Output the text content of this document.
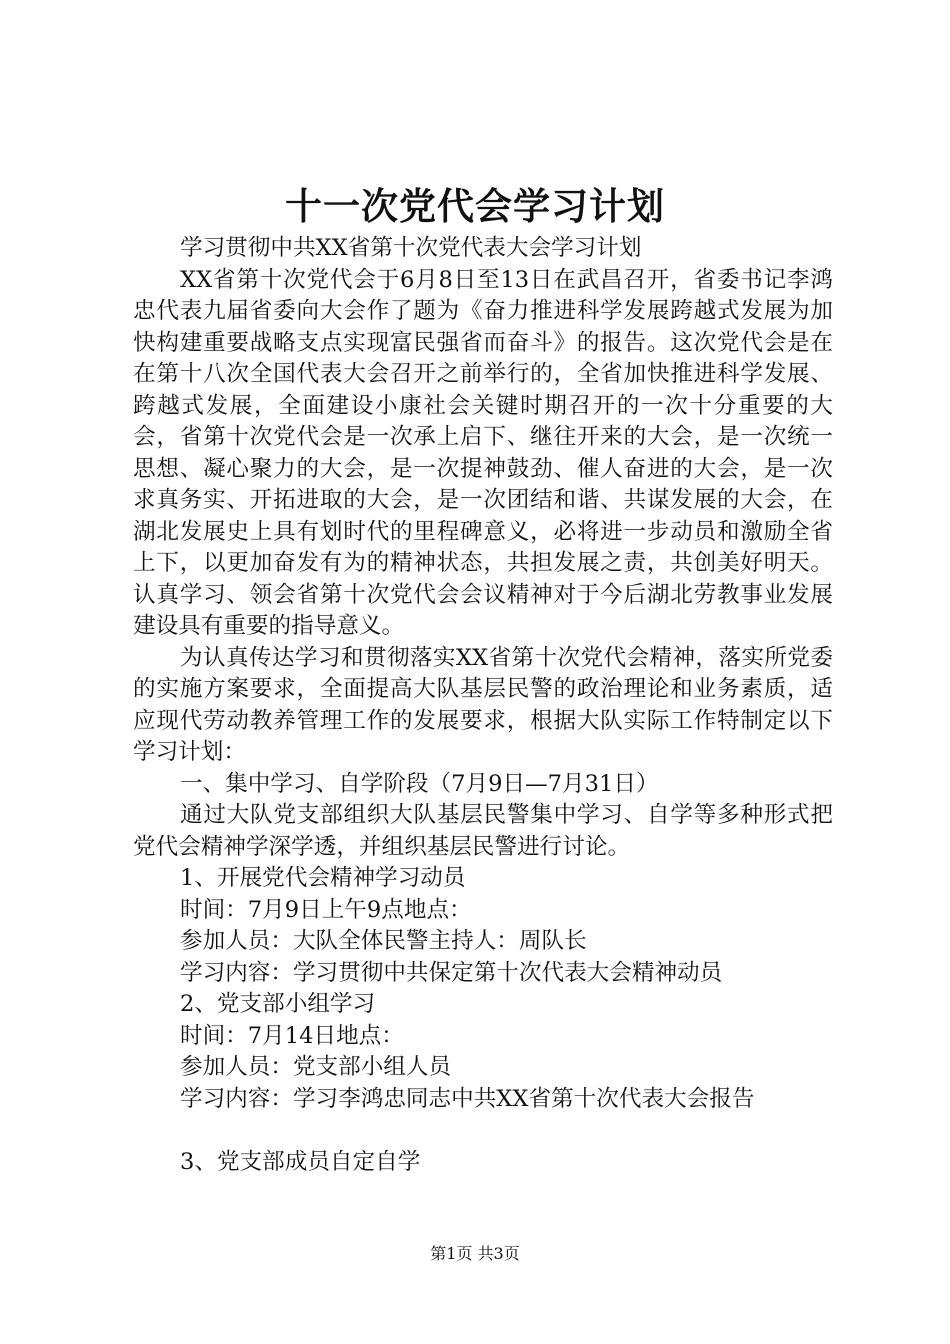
十一次党代会学习计划

学习贯彻中共XX省第十次党代表大会学习计划

XX省第十次党代会于6月8日至13日在武昌召开，省委书记李鸿忠代表九届省委向大会作了题为《奋力推进科学发展跨越式发展为加快构建重要战略支点实现富民强省而奋斗》的报告。这次党代会是在在第十八次全国代表大会召开之前举行的，全省加快推进科学发展、跨越式发展，全面建设小康社会关键时期召开的一次十分重要的大会，省第十次党代会是一次承上启下、继往开来的大会，是一次统一思想、凝心聚力的大会，是一次提神鼓劲、催人奋进的大会，是一次求真务实、开拓进取的大会，是一次团结和谐、共谋发展的大会，在湖北发展史上具有划时代的里程碑意义，必将进一步动员和激励全省上下，以更加奋发有为的精神状态，共担发展之责，共创美好明天。认真学习、领会省第十次党代会会议精神对于今后湖北劳教事业发展建设具有重要的指导意义。

为认真传达学习和贯彻落实XX省第十次党代会精神，落实所党委的实施方案要求，全面提高大队基层民警的政治理论和业务素质，适应现代劳动教养管理工作的发展要求，根据大队实际工作特制定以下学习计划：

一、集中学习、自学阶段（7月9日—7月31日）

通过大队党支部组织大队基层民警集中学习、自学等多种形式把党代会精神学深学透，并组织基层民警进行讨论。

1、开展党代会精神学习动员

时间：7月9日上午9点地点：

参加人员：大队全体民警主持人：周队长

学习内容：学习贯彻中共保定第十次代表大会精神动员

2、党支部小组学习

时间：7月14日地点：

参加人员：党支部小组人员

学习内容：学习李鸿忠同志中共XX省第十次代表大会报告

3、党支部成员自定自学

第1页 共3页
